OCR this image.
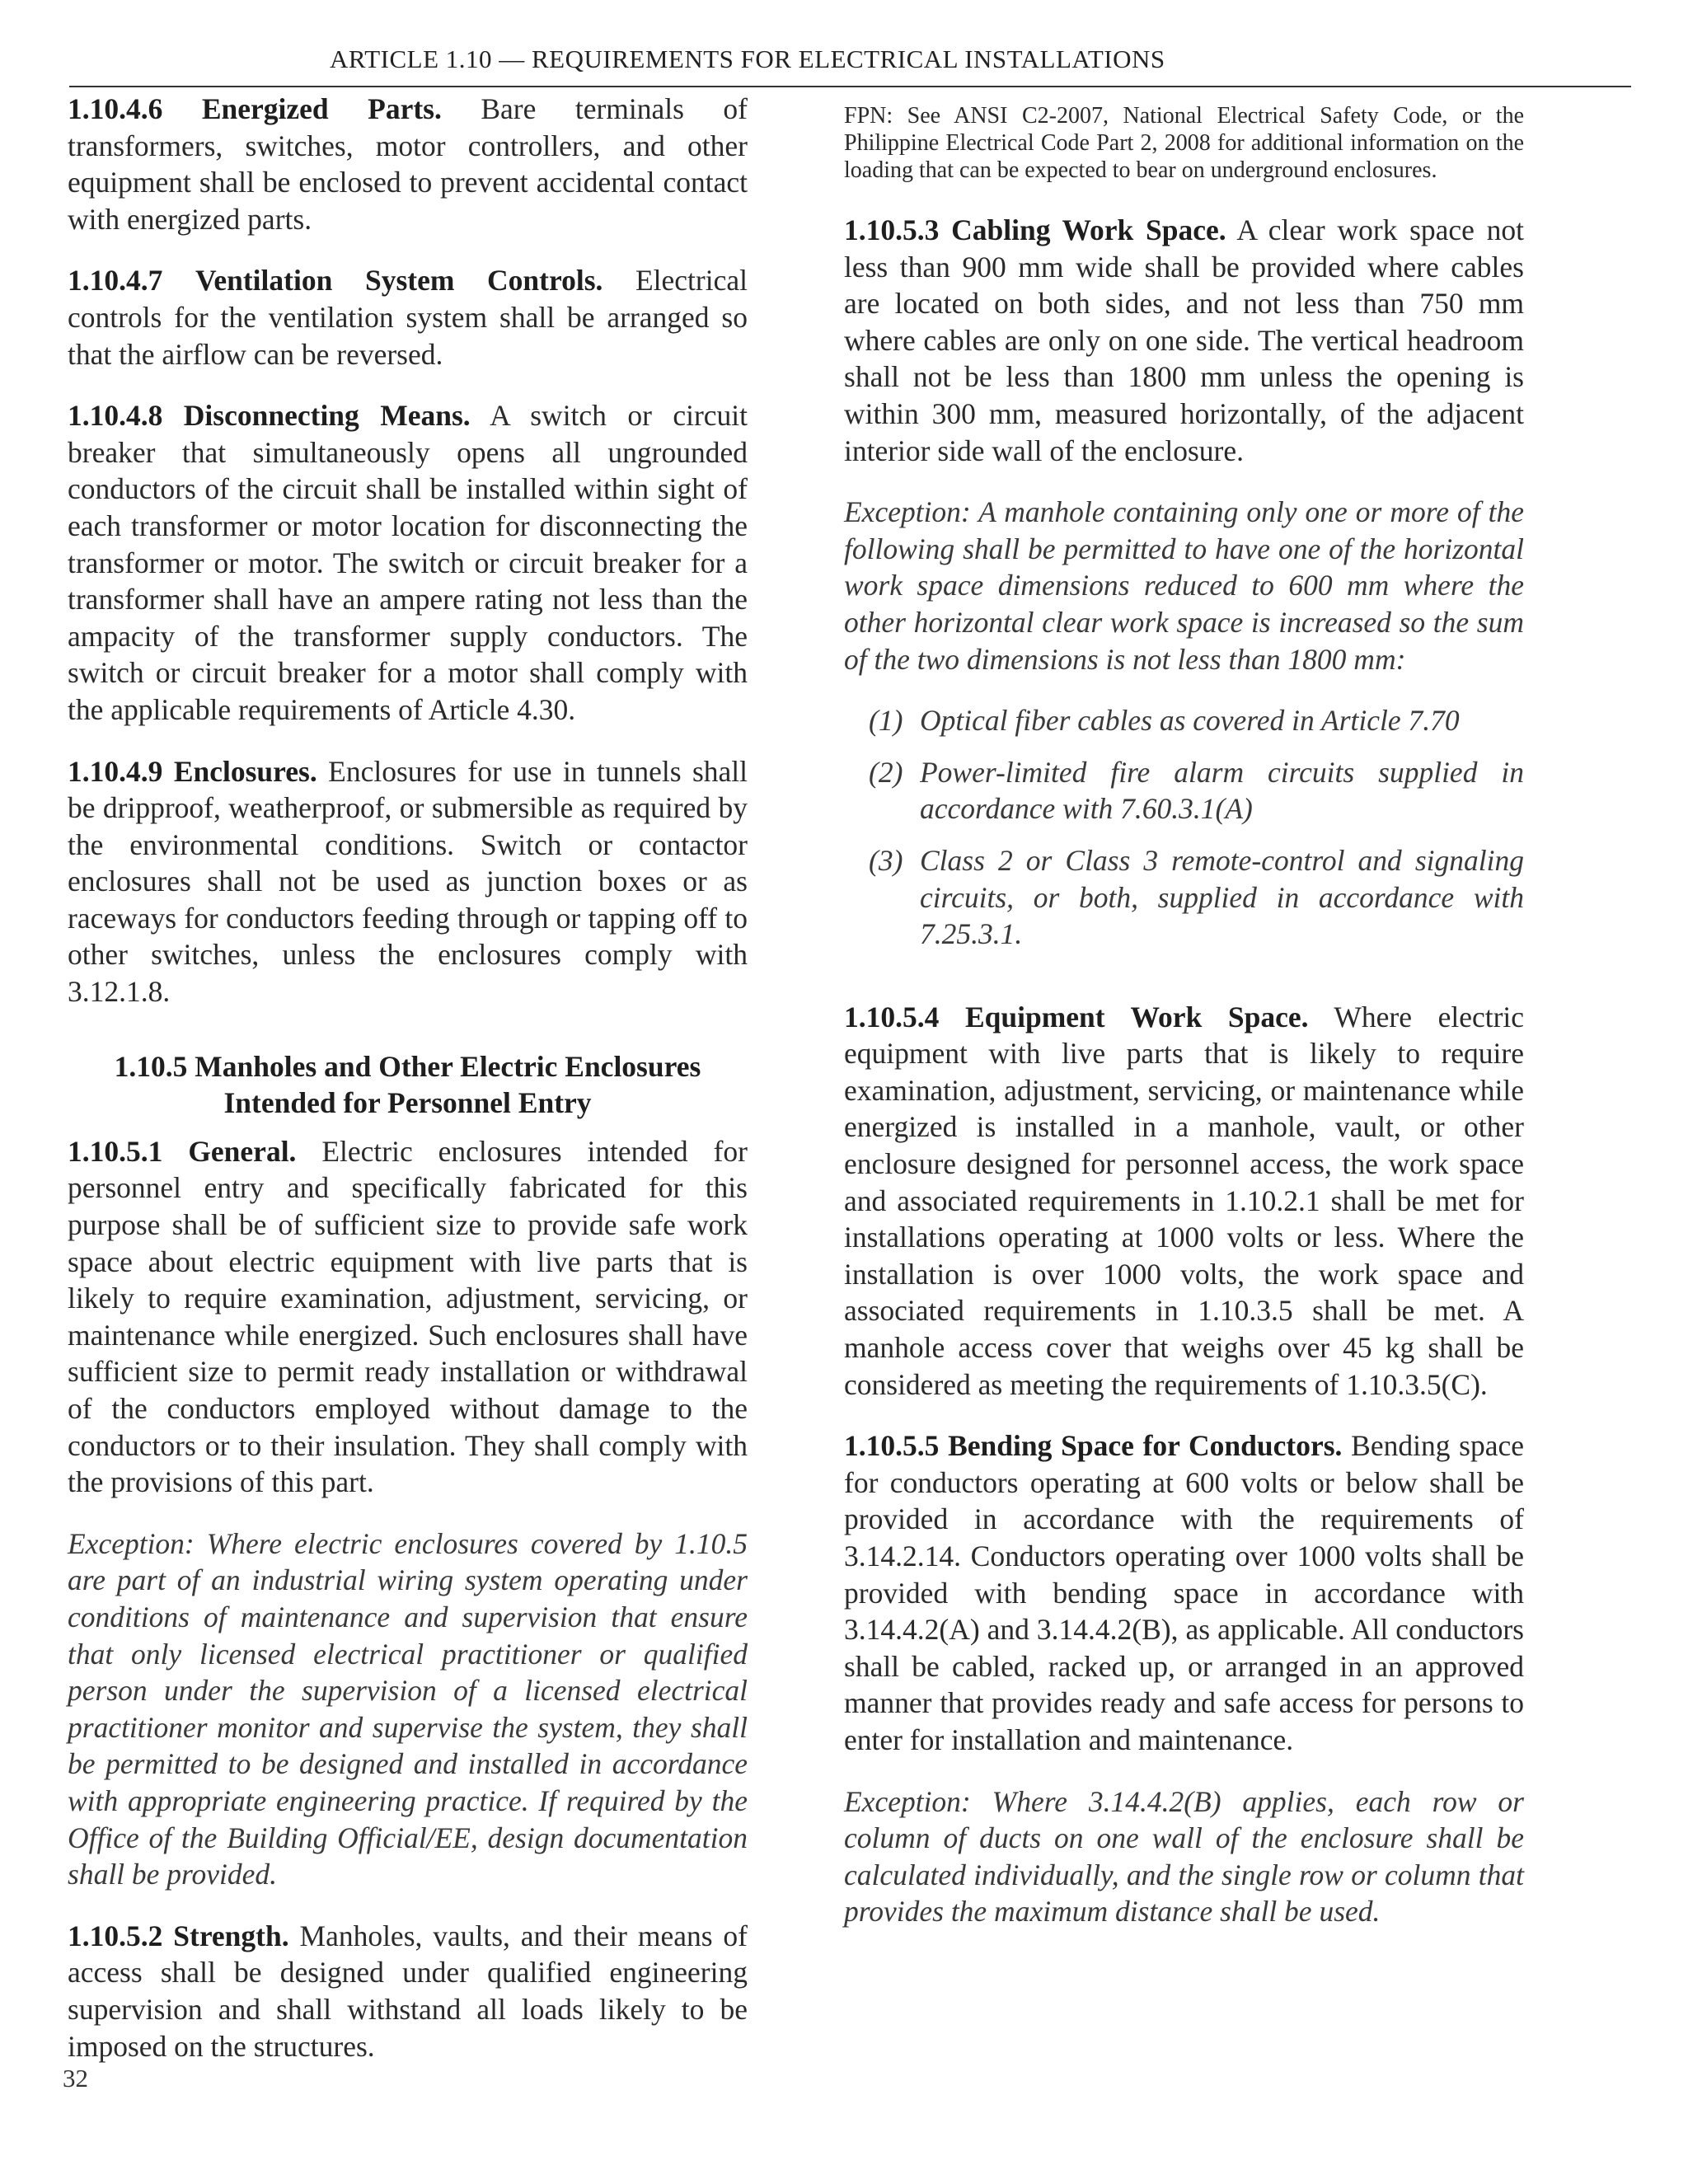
ARTICLE 1.10 — REQUIREMENTS FOR ELECTRICAL INSTALLATIONS

1.10.4.6 Energized Parts. Bare terminals of transformers, switches, motor controllers, and other equipment shall be enclosed to prevent accidental contact with energized parts.

1.10.4.7 Ventilation System Controls. Electrical controls for the ventilation system shall be arranged so that the airflow can be reversed.

1.10.4.8 Disconnecting Means. A switch or circuit breaker that simultaneously opens all ungrounded conductors of the circuit shall be installed within sight of each transformer or motor location for disconnecting the transformer or motor. The switch or circuit breaker for a transformer shall have an ampere rating not less than the ampacity of the transformer supply conductors. The switch or circuit breaker for a motor shall comply with the applicable requirements of Article 4.30.

1.10.4.9 Enclosures. Enclosures for use in tunnels shall be dripproof, weatherproof, or submersible as required by the environmental conditions. Switch or contactor enclosures shall not be used as junction boxes or as raceways for conductors feeding through or tapping off to other switches, unless the enclosures comply with 3.12.1.8.

1.10.5 Manholes and Other Electric Enclosures
Intended for Personnel Entry

1.10.5.1 General. Electric enclosures intended for personnel entry and specifically fabricated for this purpose shall be of sufficient size to provide safe work space about electric equipment with live parts that is likely to require examination, adjustment, servicing, or maintenance while energized. Such enclosures shall have sufficient size to permit ready installation or withdrawal of the conductors employed without damage to the conductors or to their insulation. They shall comply with the provisions of this part.

Exception: Where electric enclosures covered by 1.10.5 are part of an industrial wiring system operating under conditions of maintenance and supervision that ensure that only licensed electrical practitioner or qualified person under the supervision of a licensed electrical practitioner monitor and supervise the system, they shall be permitted to be designed and installed in accordance with appropriate engineering practice. If required by the Office of the Building Official/EE, design documentation shall be provided.

1.10.5.2 Strength. Manholes, vaults, and their means of access shall be designed under qualified engineering supervision and shall withstand all loads likely to be imposed on the structures.

FPN: See ANSI C2-2007, National Electrical Safety Code, or the Philippine Electrical Code Part 2, 2008 for additional information on the loading that can be expected to bear on underground enclosures.

1.10.5.3 Cabling Work Space. A clear work space not less than 900 mm wide shall be provided where cables are located on both sides, and not less than 750 mm where cables are only on one side. The vertical headroom shall not be less than 1800 mm unless the opening is within 300 mm, measured horizontally, of the adjacent interior side wall of the enclosure.

Exception: A manhole containing only one or more of the following shall be permitted to have one of the horizontal work space dimensions reduced to 600 mm where the other horizontal clear work space is increased so the sum of the two dimensions is not less than 1800 mm:

(1) Optical fiber cables as covered in Article 7.70
(2) Power-limited fire alarm circuits supplied in accordance with 7.60.3.1(A)
(3) Class 2 or Class 3 remote-control and signaling circuits, or both, supplied in accordance with 7.25.3.1.

1.10.5.4 Equipment Work Space. Where electric equipment with live parts that is likely to require examination, adjustment, servicing, or maintenance while energized is installed in a manhole, vault, or other enclosure designed for personnel access, the work space and associated requirements in 1.10.2.1 shall be met for installations operating at 1000 volts or less. Where the installation is over 1000 volts, the work space and associated requirements in 1.10.3.5 shall be met. A manhole access cover that weighs over 45 kg shall be considered as meeting the requirements of 1.10.3.5(C).

1.10.5.5 Bending Space for Conductors. Bending space for conductors operating at 600 volts or below shall be provided in accordance with the requirements of 3.14.2.14. Conductors operating over 1000 volts shall be provided with bending space in accordance with 3.14.4.2(A) and 3.14.4.2(B), as applicable. All conductors shall be cabled, racked up, or arranged in an approved manner that provides ready and safe access for persons to enter for installation and maintenance.

Exception: Where 3.14.4.2(B) applies, each row or column of ducts on one wall of the enclosure shall be calculated individually, and the single row or column that provides the maximum distance shall be used.

32
